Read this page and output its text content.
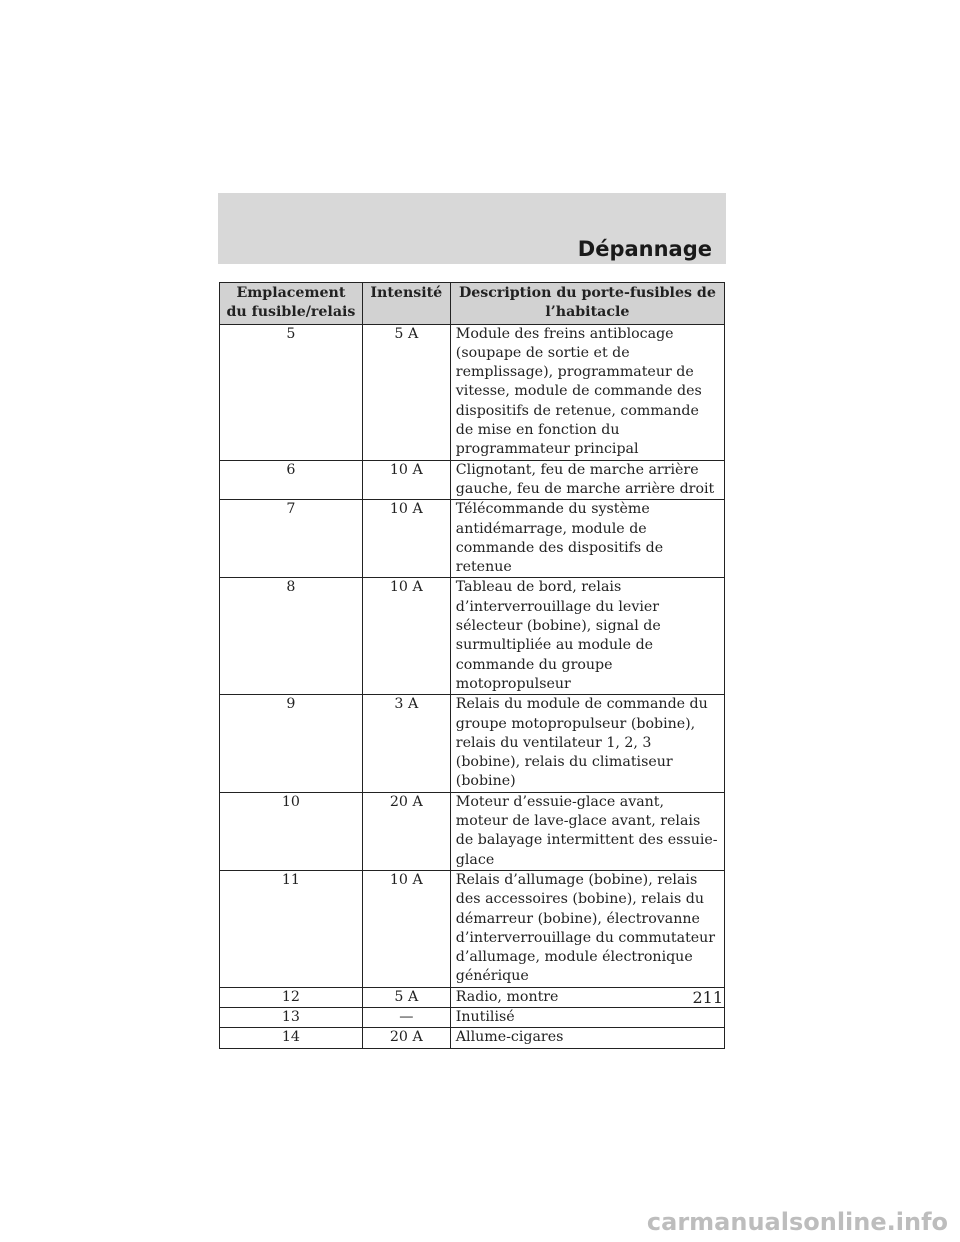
Dépannage
Emplacement du fusible/relais	Intensité	Description du porte-fusibles de l’habitacle
5	5 A	Module des freins antiblocage (soupape de sortie et de remplissage), programmateur de vitesse, module de commande des dispositifs de retenue, commande de mise en fonction du programmateur principal
6	10 A	Clignotant, feu de marche arrière gauche, feu de marche arrière droit
7	10 A	Télécommande du système antidémarrage, module de commande des dispositifs de retenue
8	10 A	Tableau de bord, relais d’interverrouillage du levier sélecteur (bobine), signal de surmultipliée au module de commande du groupe motopropulseur
9	3 A	Relais du module de commande du groupe motopropulseur (bobine), relais du ventilateur 1, 2, 3 (bobine), relais du climatiseur (bobine)
10	20 A	Moteur d’essuie-glace avant, moteur de lave-glace avant, relais de balayage intermittent des essuie-glace
11	10 A	Relais d’allumage (bobine), relais des accessoires (bobine), relais du démarreur (bobine), électrovanne d’interverrouillage du commutateur d’allumage, module électronique générique
12	5 A	Radio, montre
13	—	Inutilisé
14	20 A	Allume-cigares
211
carmanualsonline.info
